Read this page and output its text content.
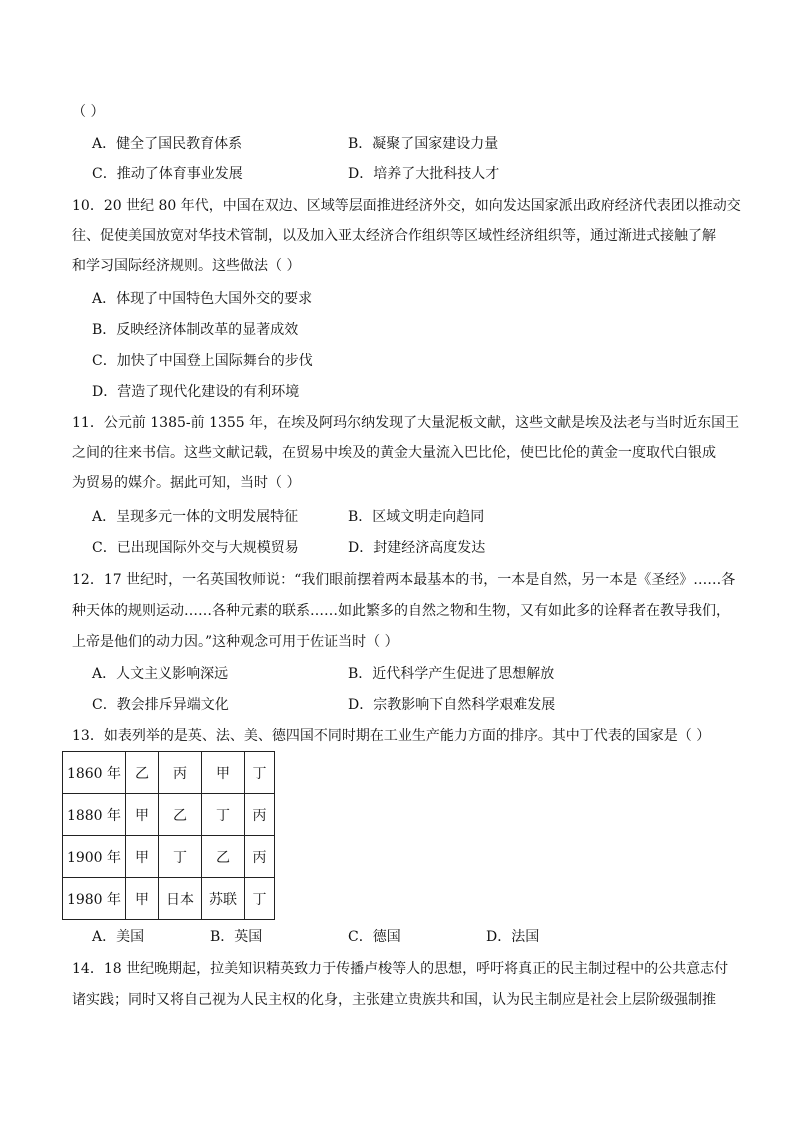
（ ）
A．健全了国民教育体系	B．凝聚了国家建设力量
C．推动了体育事业发展	D．培养了大批科技人才
10．20 世纪 80 年代，中国在双边、区域等层面推进经济外交，如向发达国家派出政府经济代表团以推动交
往、促使美国放宽对华技术管制，以及加入亚太经济合作组织等区域性经济组织等，通过渐进式接触了解
和学习国际经济规则。这些做法（ ）
A．体现了中国特色大国外交的要求
B．反映经济体制改革的显著成效
C．加快了中国登上国际舞台的步伐
D．营造了现代化建设的有利环境
11．公元前 1385-前 1355 年，在埃及阿玛尔纳发现了大量泥板文献，这些文献是埃及法老与当时近东国王
之间的往来书信。这些文献记载，在贸易中埃及的黄金大量流入巴比伦，使巴比伦的黄金一度取代白银成
为贸易的媒介。据此可知，当时（ ）
A．呈现多元一体的文明发展特征	B．区域文明走向趋同
C．已出现国际外交与大规模贸易	D．封建经济高度发达
12．17 世纪时，一名英国牧师说：“我们眼前摆着两本最基本的书，一本是自然，另一本是《圣经》……各
种天体的规则运动……各种元素的联系……如此繁多的自然之物和生物，又有如此多的诠释者在教导我们，
上帝是他们的动力因。”这种观念可用于佐证当时（ ）
A．人文主义影响深远	B．近代科学产生促进了思想解放
C．教会排斥异端文化	D．宗教影响下自然科学艰难发展
13．如表列举的是英、法、美、德四国不同时期在工业生产能力方面的排序。其中丁代表的国家是（ ）
1860 年	乙	丙	甲	丁
1880 年	甲	乙	丁	丙
1900 年	甲	丁	乙	丙
1980 年	甲	日本	苏联	丁
A．美国	B．英国	C．德国	D．法国
14．18 世纪晚期起，拉美知识精英致力于传播卢梭等人的思想，呼吁将真正的民主制过程中的公共意志付
诸实践；同时又将自己视为人民主权的化身，主张建立贵族共和国，认为民主制应是社会上层阶级强制推
